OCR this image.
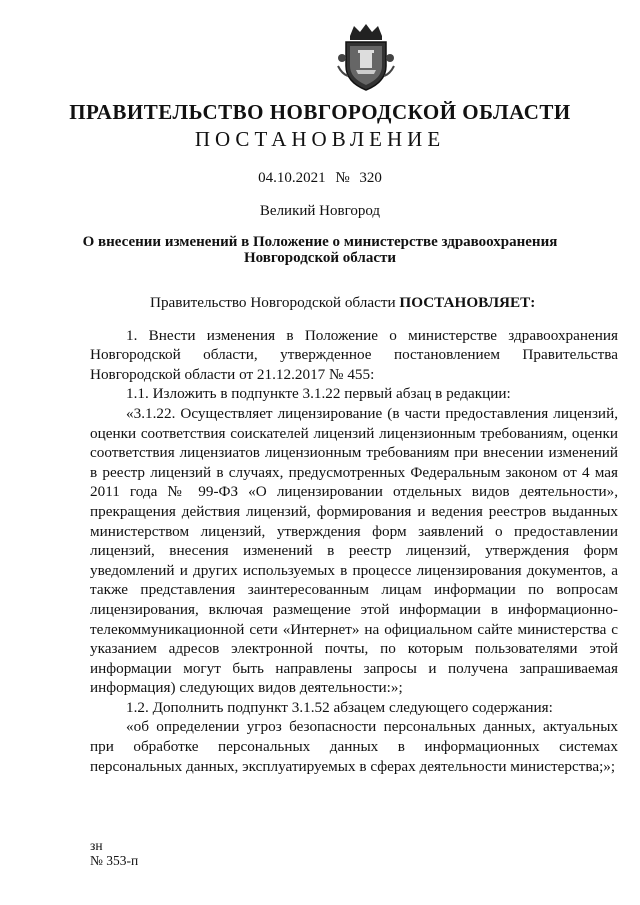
ПРАВИТЕЛЬСТВО НОВГОРОДСКОЙ ОБЛАСТИ
ПОСТАНОВЛЕНИЕ
04.10.2021 № 320
Великий Новгород
О внесении изменений в Положение о министерстве здравоохранения
Новгородской области

Правительство Новгородской области ПОСТАНОВЛЯЕТ:

1. Внести изменения в Положение о министерстве здравоохранения Новгородской области, утвержденное постановлением Правительства Новгородской области от 21.12.2017 № 455:

1.1. Изложить в подпункте 3.1.22 первый абзац в редакции:

«3.1.22. Осуществляет лицензирование (в части предоставления лицензий, оценки соответствия соискателей лицензий лицензионным требованиям, оценки соответствия лицензиатов лицензионным требованиям при внесении изменений в реестр лицензий в случаях, предусмотренных Федеральным законом от 4 мая 2011 года № 99-ФЗ «О лицензировании отдельных видов деятельности», прекращения действия лицензий, формирования и ведения реестров выданных министерством лицензий, утверждения форм заявлений о предоставлении лицензий, внесения изменений в реестр лицензий, утверждения форм уведомлений и других используемых в процессе лицензирования документов, а также представления заинтересованным лицам информации по вопросам лицензирования, включая размещение этой информации в информационно-телекоммуникационной сети «Интернет» на официальном сайте министерства с указанием адресов электронной почты, по которым пользователями этой информации могут быть направлены запросы и получена запрашиваемая информация) следующих видов деятельности:»;

1.2. Дополнить подпункт 3.1.52 абзацем следующего содержания:

«об определении угроз безопасности персональных данных, актуальных при обработке персональных данных в информационных системах персональных данных, эксплуатируемых в сферах деятельности министерства;»;

зн
№ 353-п
